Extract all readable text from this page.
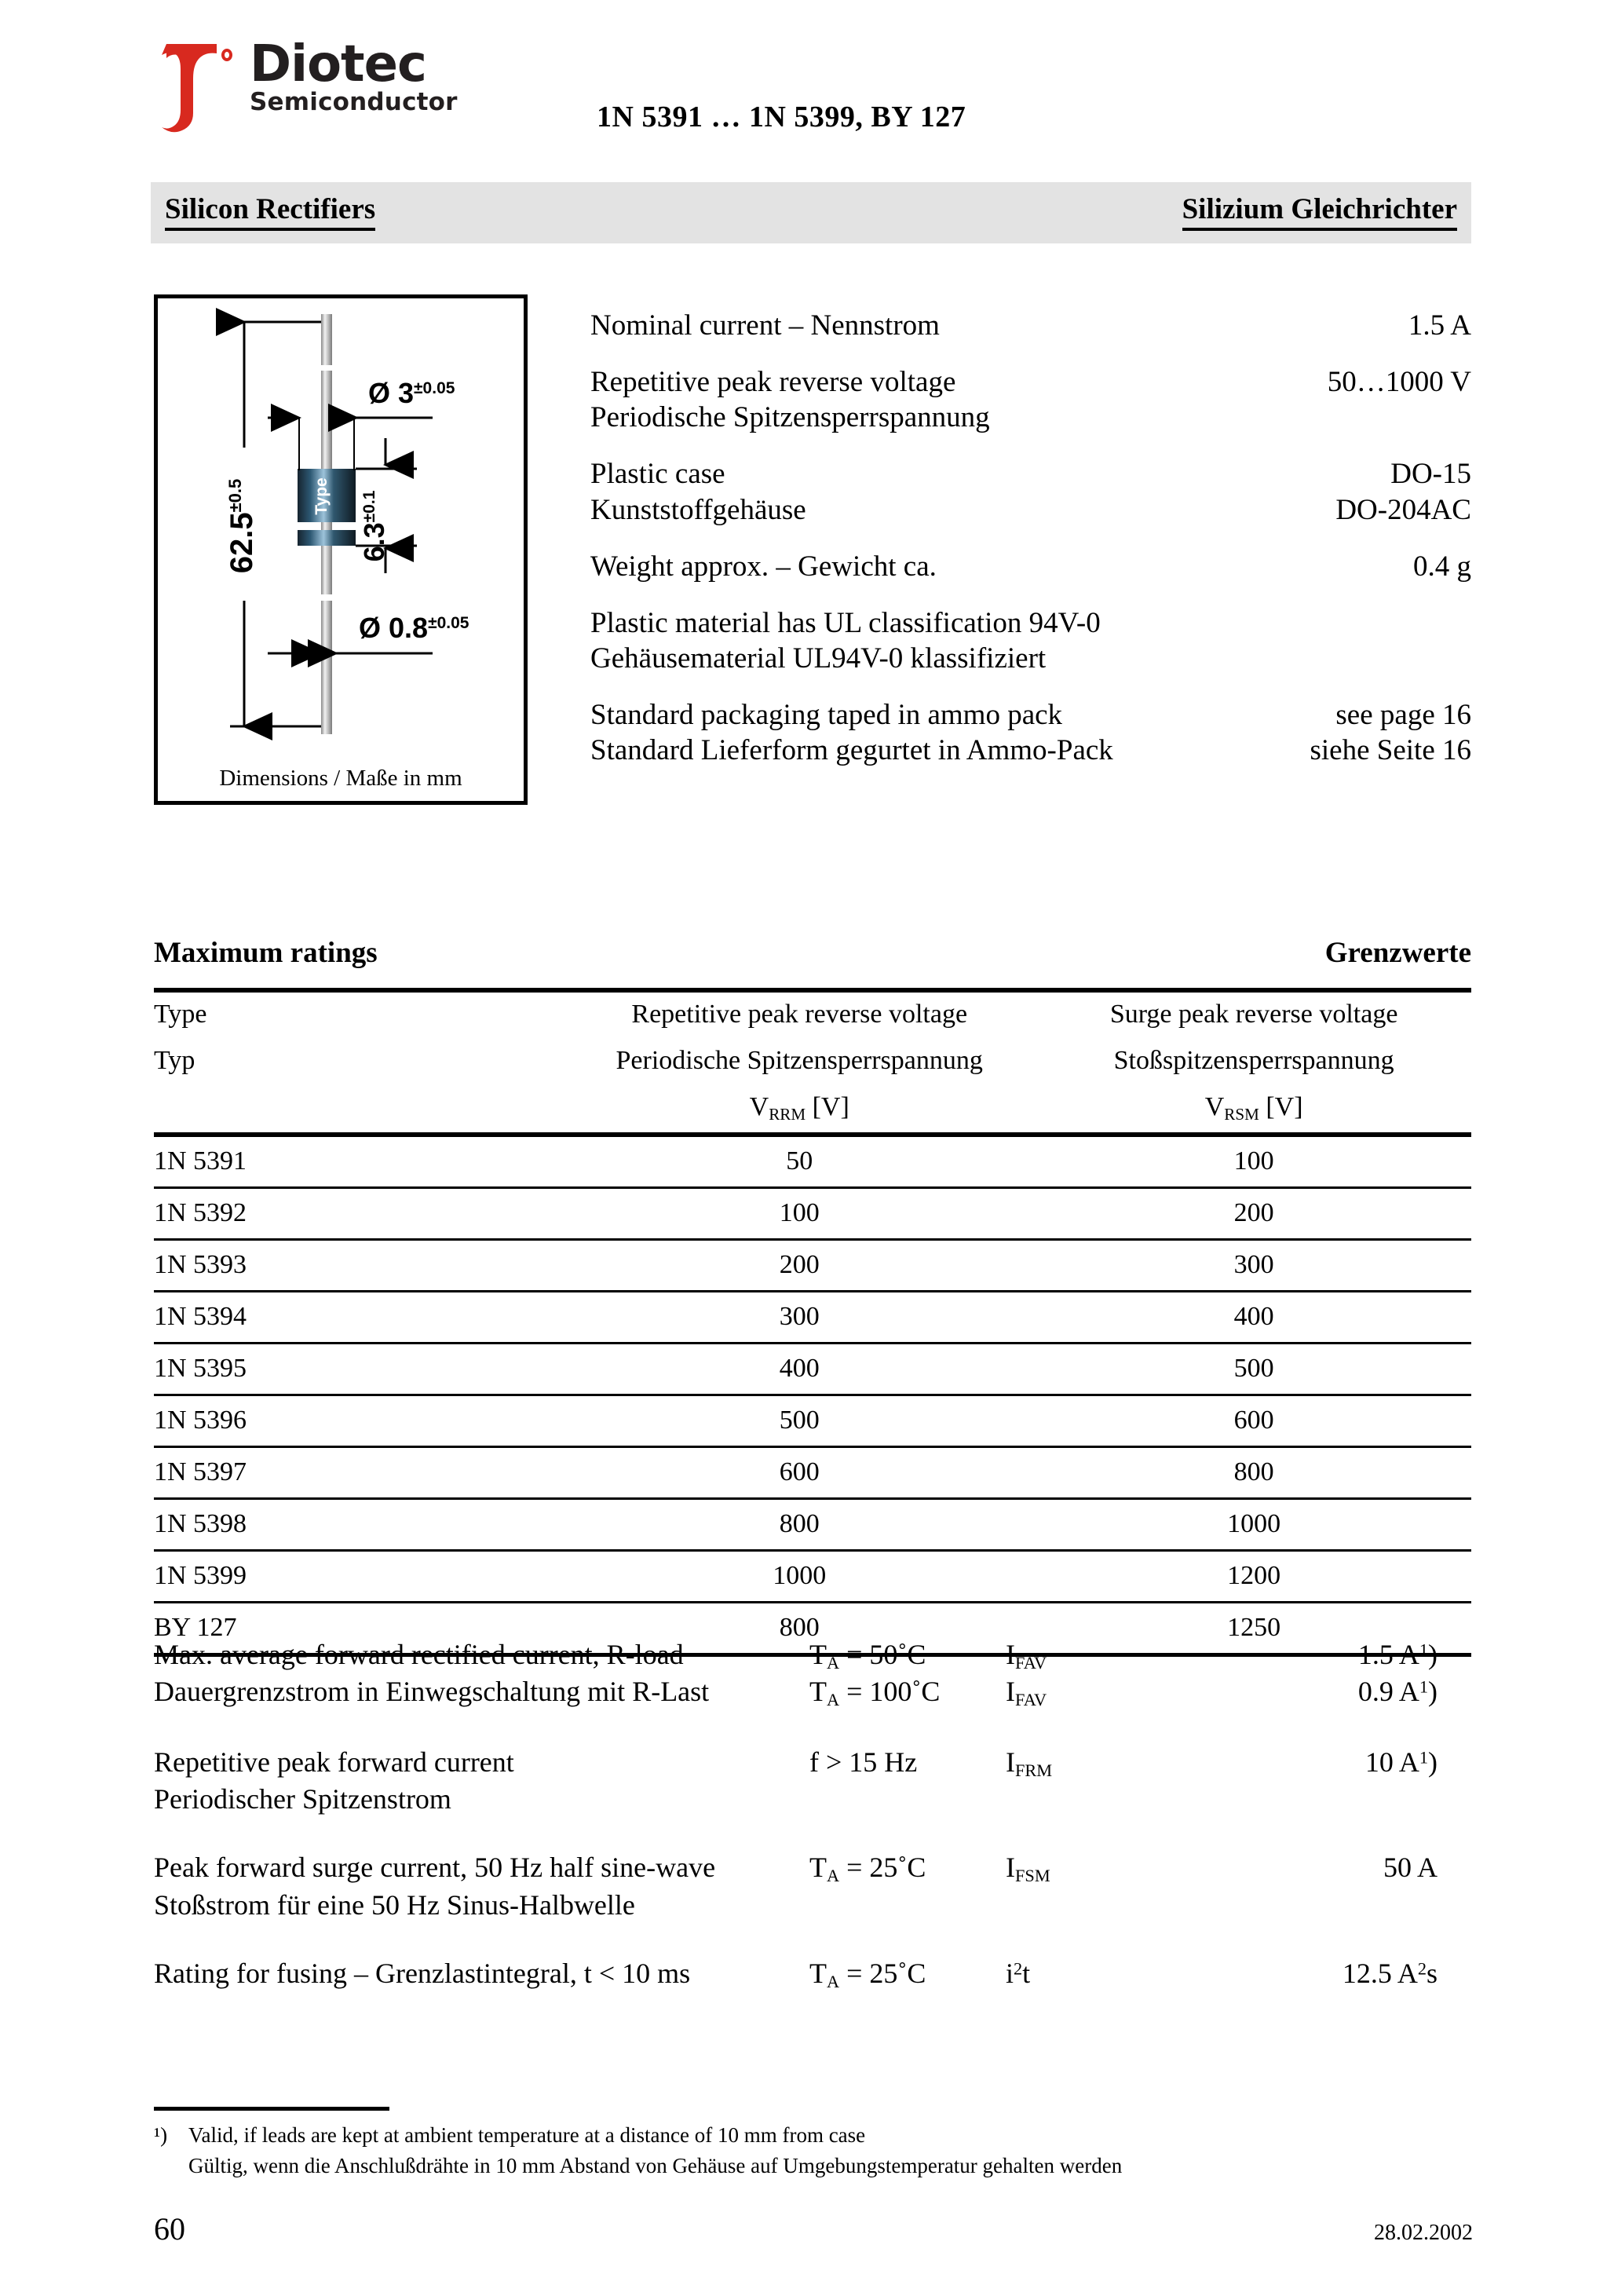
Diotec
Semiconductor	1N 5391 … 1N 5399, BY 127
Silicon Rectifiers	Silizium Gleichrichter
Type
$62.5^{\pm 0.5}$
Ø $3^{\pm 0.05}$
$6.3^{\pm 0.1}$
Ø $0.8^{\pm 0.05}$
Dimensions / Maße in mm
Nominal current – Nennstrom	1.5 A
Repetitive peak reverse voltage	50…1000 V
Periodische Spitzensperrspannung
Plastic case	DO-15
Kunststoffgehäuse	DO-204AC
Weight approx. – Gewicht ca.	0.4 g
Plastic material has UL classification 94V-0
Gehäusematerial UL94V-0 klassifiziert
Standard packaging taped in ammo pack	see page 16
Standard Lieferform gegurtet in Ammo-Pack	siehe Seite 16
Maximum ratings	Grenzwerte

Type	Repetitive peak reverse voltage	Surge peak reverse voltage
Typ	Periodische Spitzensperrspannung	Stoßspitzensperrspannung
	$V_{RRM}$ [V]	$V_{RSM}$ [V]

1N 5391	50	100
1N 5392	100	200
1N 5393	200	300
1N 5394	300	400
1N 5395	400	500
1N 5396	500	600
1N 5397	600	800
1N 5398	800	1000
1N 5399	1000	1200
BY 127	800	1250
Max. average forward rectified current, R-load	$T_A$ = 50˚C	$I_{FAV}$	1.5 $A^1$)
Dauergrenzstrom in Einwegschaltung mit R-Last	$T_A$ = 100˚C	$I_{FAV}$	0.9 $A^1$)
Repetitive peak forward current	f > 15 Hz	$I_{FRM}$	10 $A^1$)
Periodischer Spitzenstrom
Peak forward surge current, 50 Hz half sine-wave	$T_A$ = 25˚C	$I_{FSM}$	50 A
Stoßstrom für eine 50 Hz Sinus-Halbwelle
Rating for fusing – Grenzlastintegral, t < 10 ms	$T_A$ = 25˚C	$i^2t$	12.5 $A^2s$
¹) Valid, if leads are kept at ambient temperature at a distance of 10 mm from case
Gültig, wenn die Anschlußdrähte in 10 mm Abstand von Gehäuse auf Umgebungstemperatur gehalten werden
60	28.02.2002
